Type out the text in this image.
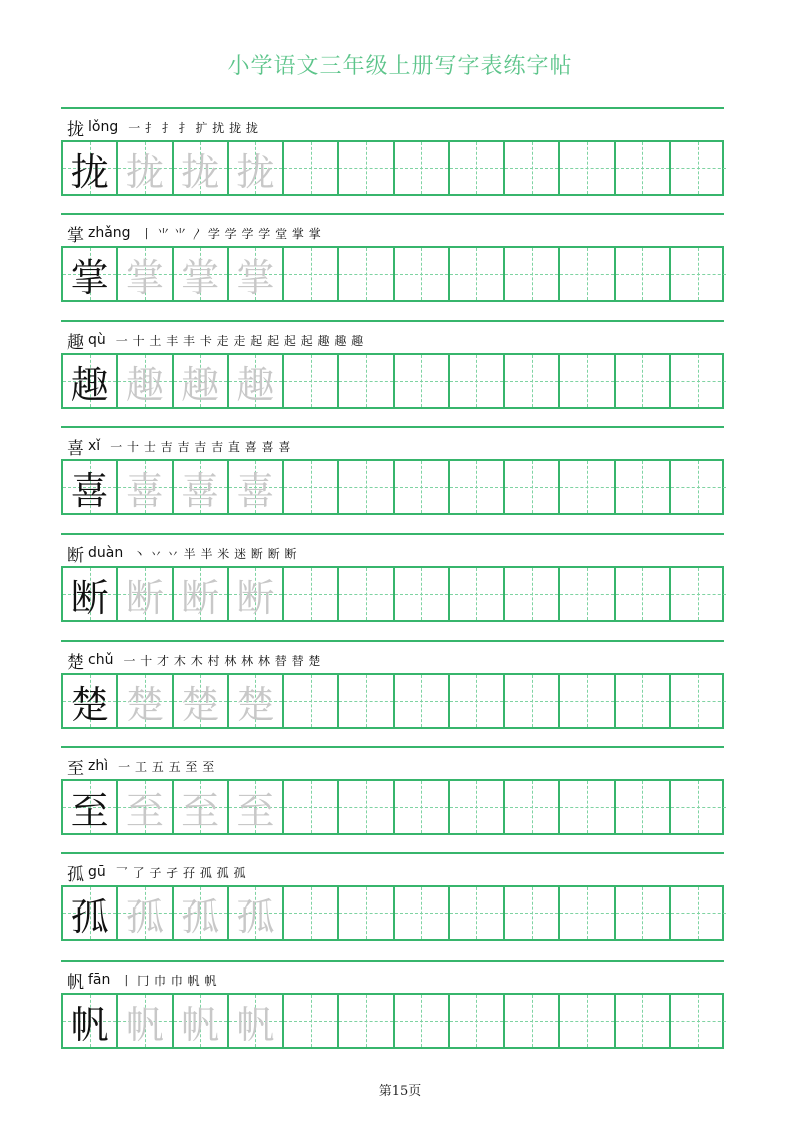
小学语文三年级上册写字表练字帖
拢 lǒng 一 扌 扌 扌 扩 扰 拢 拢
拢 拢 拢 拢
掌 zhǎng 丨 ⺌ ⺌ 〳 学 学 学 学 堂 掌 掌
掌 掌 掌 掌
趣 qù 一 十 土 丰 丰 卡 走 走 起 起 起 起 趣 趣 趣
趣 趣 趣 趣
喜 xǐ 一 十 士 吉 吉 吉 吉 直 喜 喜 喜
喜 喜 喜 喜
断 duàn 丶 丷 丷 半 半 米 迷 断 断 断
断 断 断 断
楚 chǔ 一 十 才 木 木 村 林 林 林 替 替 楚
楚 楚 楚 楚
至 zhì 一 工 五 五 至 至
至 至 至 至
孤 gū 乛 了 子 孑 孖 孤 孤 孤
孤 孤 孤 孤
帆 fān 丨 冂 巾 巾 帆 帆
帆 帆 帆 帆
第15页
